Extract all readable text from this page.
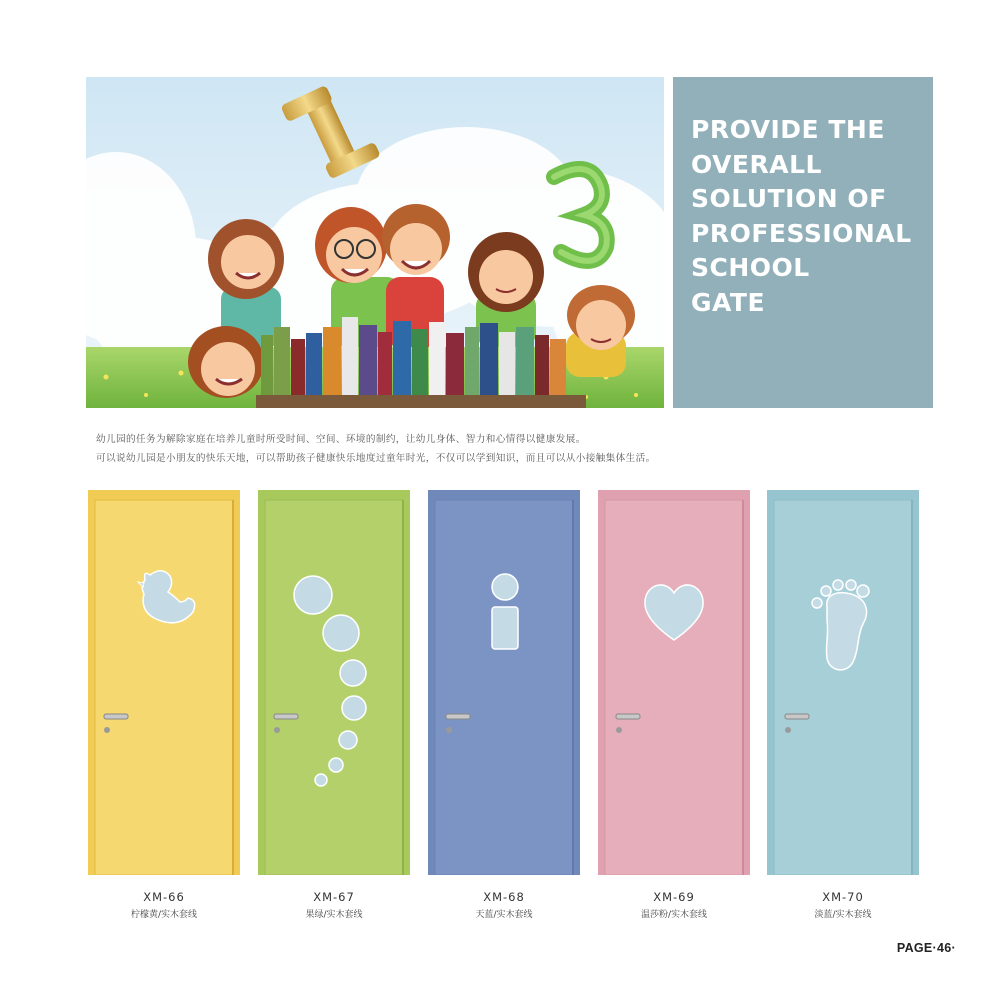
PROVIDE THE
OVERALL
SOLUTION OF
PROFESSIONAL
SCHOOL
GATE
幼儿园的任务为解除家庭在培养儿童时所受时间、空间、环境的制约，让幼儿身体、智力和心情得以健康发展。
可以说幼儿园是小朋友的快乐天地，可以帮助孩子健康快乐地度过童年时光，不仅可以学到知识，而且可以从小接触集体生活。
XM-66
柠檬黄/实木套线
XM-67
果绿/实木套线
XM-68
天蓝/实木套线
XM-69
温莎粉/实木套线
XM-70
淡蓝/实木套线
PAGE·46·
